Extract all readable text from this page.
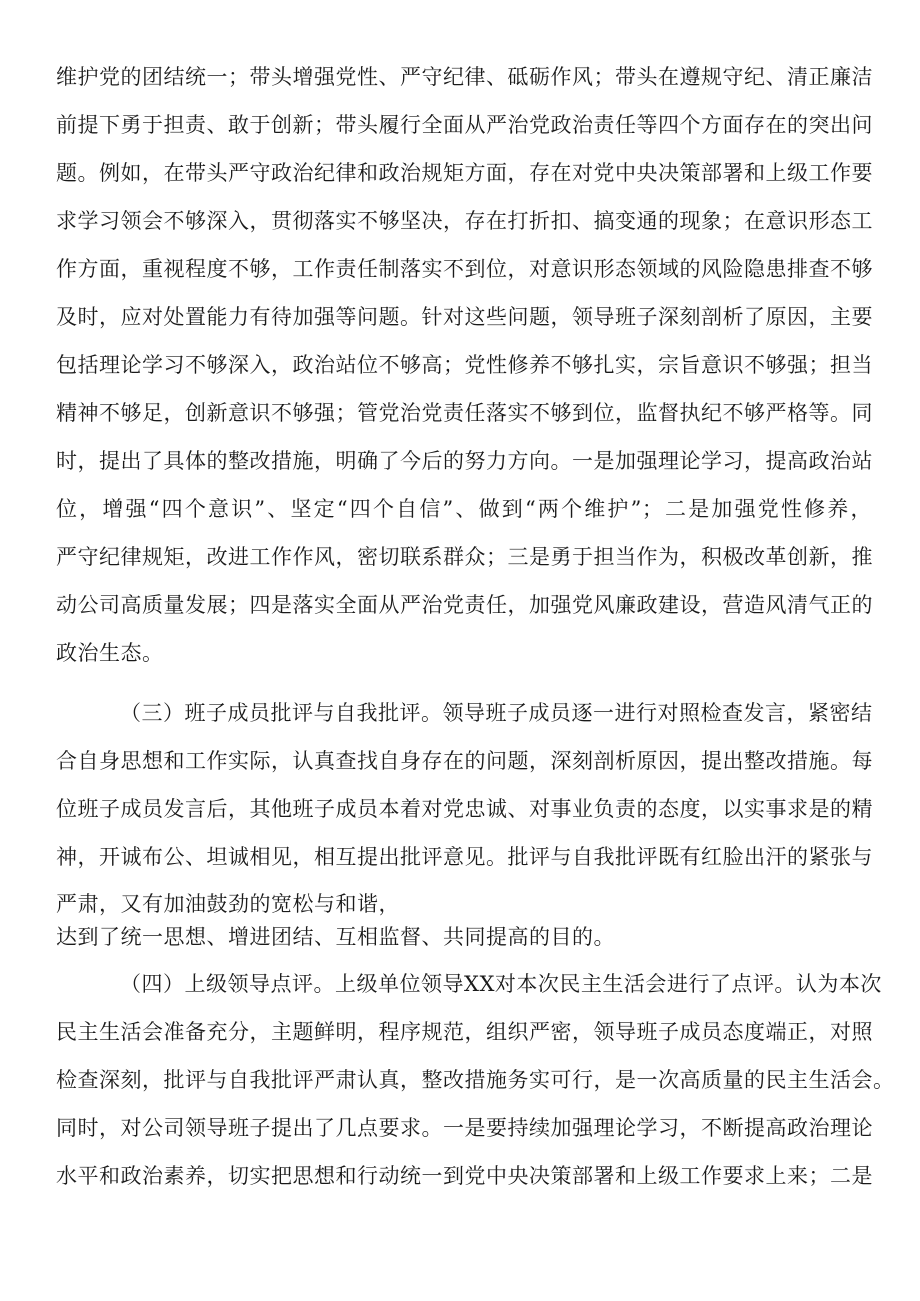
维护党的团结统一；带头增强党性、严守纪律、砥砺作风；带头在遵规守纪、清正廉洁
前提下勇于担责、敢于创新；带头履行全面从严治党政治责任等四个方面存在的突出问
题。例如，在带头严守政治纪律和政治规矩方面，存在对党中央决策部署和上级工作要
求学习领会不够深入，贯彻落实不够坚决，存在打折扣、搞变通的现象；在意识形态工
作方面，重视程度不够，工作责任制落实不到位，对意识形态领域的风险隐患排查不够
及时，应对处置能力有待加强等问题。针对这些问题，领导班子深刻剖析了原因，主要
包括理论学习不够深入，政治站位不够高；党性修养不够扎实，宗旨意识不够强；担当
精神不够足，创新意识不够强；管党治党责任落实不够到位，监督执纪不够严格等。同
时，提出了具体的整改措施，明确了今后的努力方向。一是加强理论学习，提高政治站
位，增强“四个意识”、坚定“四个自信”、做到“两个维护”；二是加强党性修养，
严守纪律规矩，改进工作作风，密切联系群众；三是勇于担当作为，积极改革创新，推
动公司高质量发展；四是落实全面从严治党责任，加强党风廉政建设，营造风清气正的
政治生态。
（三）班子成员批评与自我批评。领导班子成员逐一进行对照检查发言，紧密结
合自身思想和工作实际，认真查找自身存在的问题，深刻剖析原因，提出整改措施。每
位班子成员发言后，其他班子成员本着对党忠诚、对事业负责的态度，以实事求是的精
神，开诚布公、坦诚相见，相互提出批评意见。批评与自我批评既有红脸出汗的紧张与
严肃，又有加油鼓劲的宽松与和谐，
达到了统一思想、增进团结、互相监督、共同提高的目的。
（四）上级领导点评。上级单位领导XX对本次民主生活会进行了点评。认为本次
民主生活会准备充分，主题鲜明，程序规范，组织严密，领导班子成员态度端正，对照
检查深刻，批评与自我批评严肃认真，整改措施务实可行，是一次高质量的民主生活会。
同时，对公司领导班子提出了几点要求。一是要持续加强理论学习，不断提高政治理论
水平和政治素养，切实把思想和行动统一到党中央决策部署和上级工作要求上来；二是
